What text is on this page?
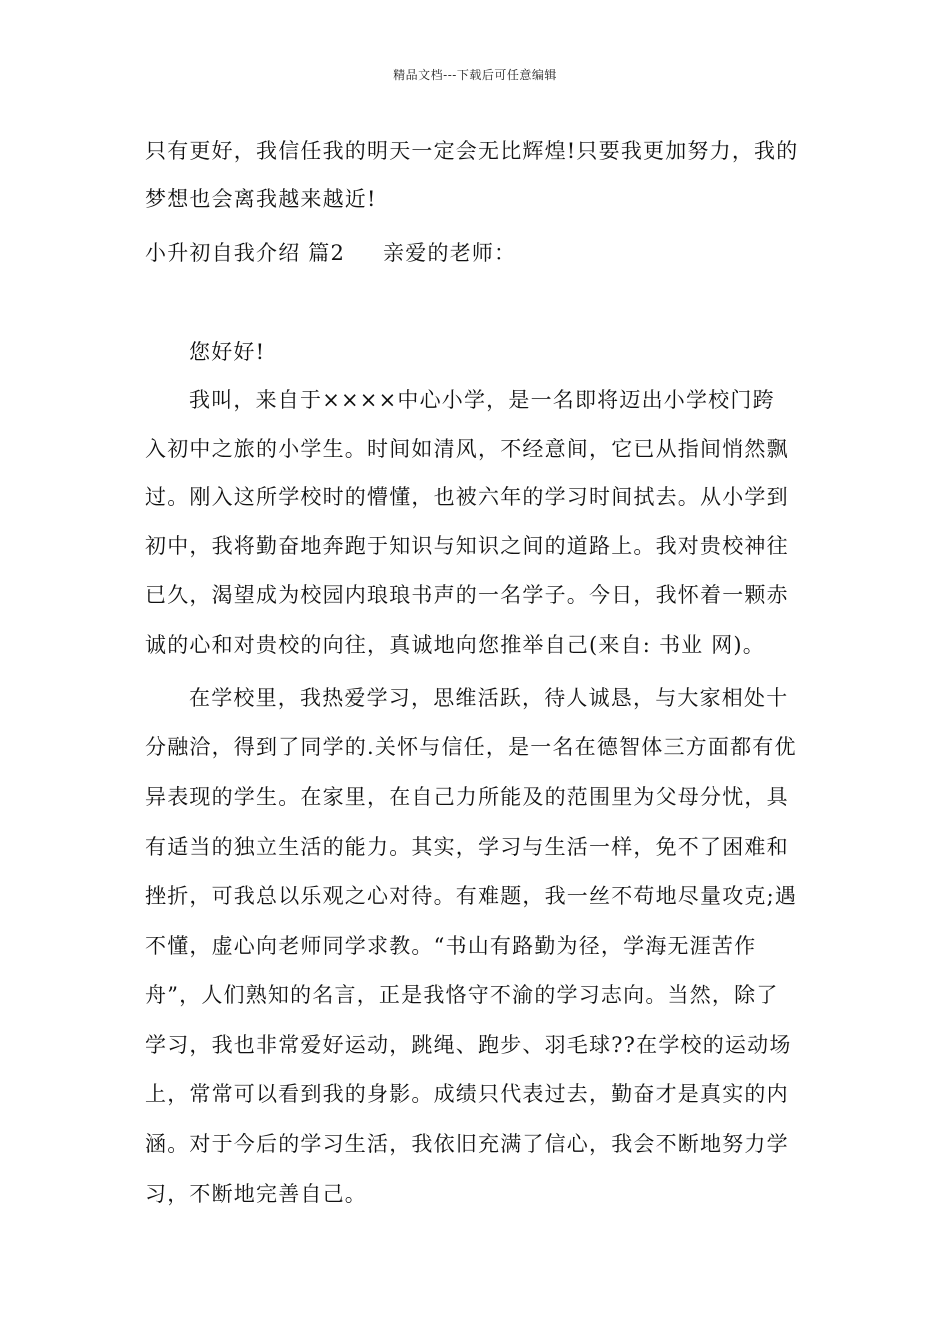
精品文档---下载后可任意编辑
只有更好，我信任我的明天一定会无比辉煌!只要我更加努力，我的
梦想也会离我越来越近!
小升初自我介绍 篇2 亲爱的老师：
您好好!
我叫，来自于××××中心小学，是一名即将迈出小学校门跨
入初中之旅的小学生。时间如清风，不经意间，它已从指间悄然飘
过。刚入这所学校时的懵懂，也被六年的学习时间拭去。从小学到
初中，我将勤奋地奔跑于知识与知识之间的道路上。我对贵校神往
已久，渴望成为校园内琅琅书声的一名学子。今日，我怀着一颗赤
诚的心和对贵校的向往，真诚地向您推举自己(来自: 书业 网)。
在学校里，我热爱学习，思维活跃，待人诚恳，与大家相处十
分融洽，得到了同学的.关怀与信任，是一名在德智体三方面都有优
异表现的学生。在家里，在自己力所能及的范围里为父母分忧，具
有适当的独立生活的能力。其实，学习与生活一样，免不了困难和
挫折，可我总以乐观之心对待。有难题，我一丝不苟地尽量攻克;遇
不懂，虚心向老师同学求教。“书山有路勤为径，学海无涯苦作
舟”，人们熟知的名言，正是我恪守不渝的学习志向。当然，除了
学习，我也非常爱好运动，跳绳、跑步、羽毛球??在学校的运动场
上，常常可以看到我的身影。成绩只代表过去，勤奋才是真实的内
涵。对于今后的学习生活，我依旧充满了信心，我会不断地努力学
习，不断地完善自己。
